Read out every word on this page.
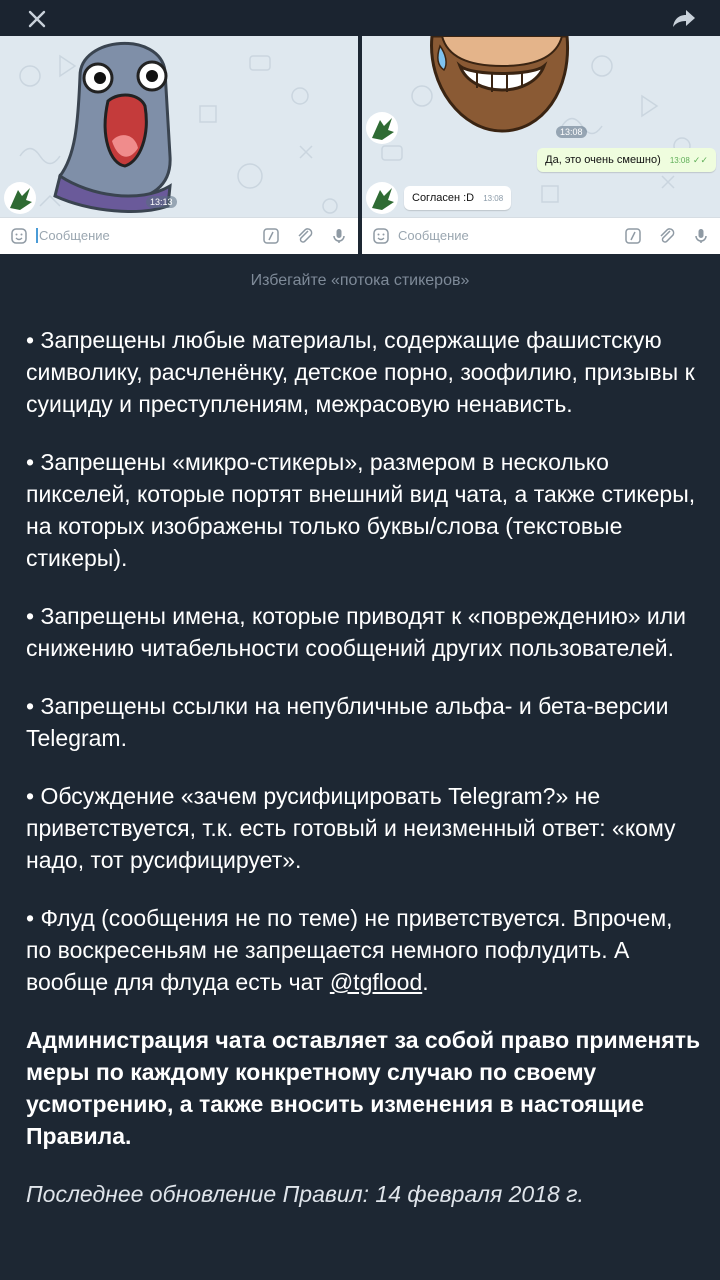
13:13
Сообщение
13:08
Да, это очень смешно) 13:08 ✓✓
Согласен :D 13:08
Сообщение
Избегайте «потока стикеров»

• Запрещены любые материалы, содержащие фашистскую символику, расчленёнку, детское порно, зоофилию, призывы к суициду и преступлениям, межрасовую ненависть.

• Запрещены «микро-стикеры», размером в несколько пикселей, которые портят внешний вид чата, а также стикеры, на которых изображены только буквы/слова (текстовые стикеры).

• Запрещены имена, которые приводят к «повреждению» или снижению читабельности сообщений других пользователей.

• Запрещены ссылки на непубличные альфа- и бета-версии Telegram.

• Обсуждение «зачем русифицировать Telegram?» не приветствуется, т.к. есть готовый и неизменный ответ: «кому надо, тот русифицирует».

• Флуд (сообщения не по теме) не приветствуется. Впрочем, по воскресеньям не запрещается немного пофлудить. А вообще для флуда есть чат @tgflood.

Администрация чата оставляет за собой право применять меры по каждому конкретному случаю по своему усмотрению, а также вносить изменения в настоящие Правила.

Последнее обновление Правил: 14 февраля 2018 г.
